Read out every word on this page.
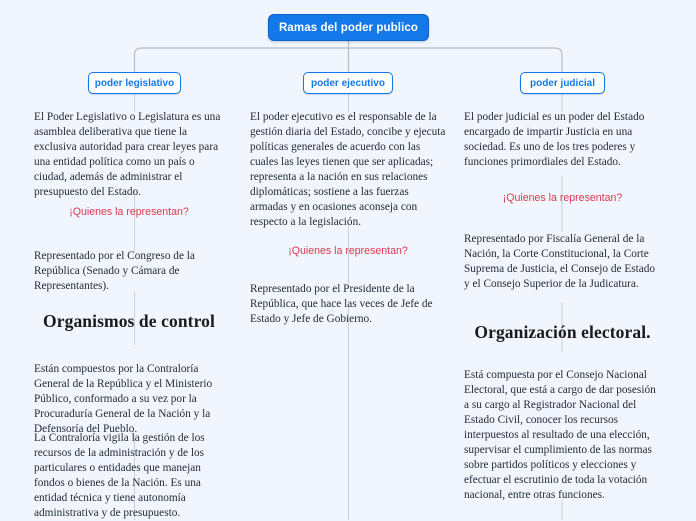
Ramas del poder publico
poder legislativo	poder ejecutivo	poder judicial

El Poder Legislativo o Legislatura es una asamblea deliberativa que tiene la exclusiva autoridad para crear leyes para una entidad política como un país o ciudad, además de administrar el presupuesto del Estado.

¡Quienes la representan?

Representado por el Congreso de la República (Senado y Cámara de Representantes).

Organismos de control

Están compuestos por la Contraloría General de la República y el Ministerio Público, conformado a su vez por la Procuraduría General de la Nación y la Defensoría del Pueblo.

La Contraloría vigila la gestión de los recursos de la administración y de los particulares o entidades que manejan fondos o bienes de la Nación. Es una entidad técnica y tiene autonomía administrativa y de presupuesto.

El poder ejecutivo es el responsable de la gestión diaria del Estado, concibe y ejecuta políticas generales de acuerdo con las cuales las leyes tienen que ser aplicadas; representa a la nación en sus relaciones diplomáticas; sostiene a las fuerzas armadas y en ocasiones aconseja con respecto a la legislación.

¡Quienes la representan?

Representado por el Presidente de la República, que hace las veces de Jefe de Estado y Jefe de Gobierno.

El poder judicial es un poder del Estado encargado de impartir Justicia en una sociedad. Es uno de los tres poderes y funciones primordiales del Estado.

¡Quienes la representan?

Representado por Fiscalía General de la Nación, la Corte Constitucional, la Corte Suprema de Justicia, el Consejo de Estado y el Consejo Superior de la Judicatura.

Organización electoral.

Está compuesta por el Consejo Nacional Electoral, que está a cargo de dar posesión a su cargo al Registrador Nacional del Estado Civil, conocer los recursos interpuestos al resultado de una elección, supervisar el cumplimiento de las normas sobre partidos políticos y elecciones y efectuar el escrutinio de toda la votación nacional, entre otras funciones.
